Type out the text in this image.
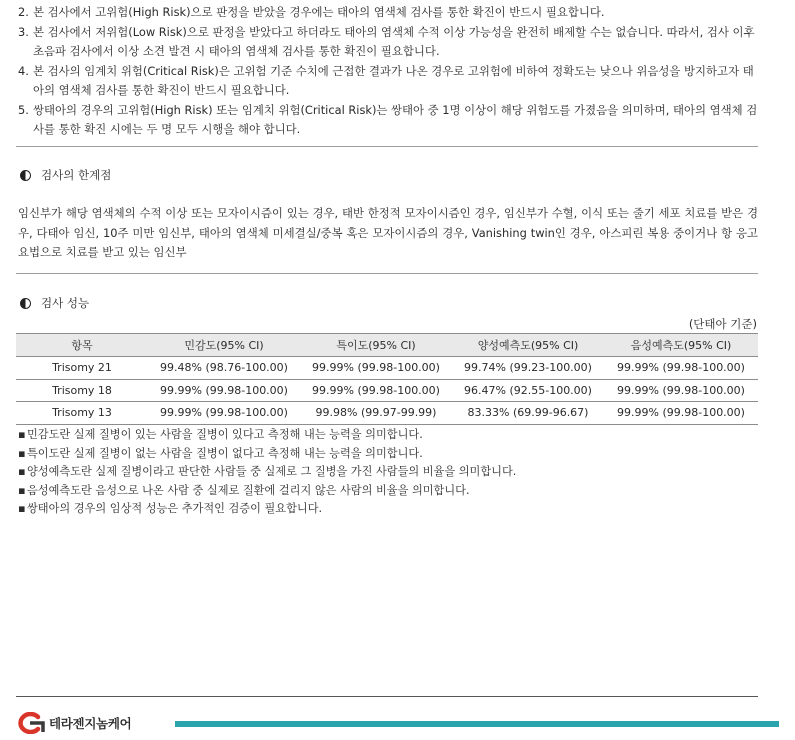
2. 본 검사에서 고위험(High Risk)으로 판정을 받았을 경우에는 태아의 염색체 검사를 통한 확진이 반드시 필요합니다.
3. 본 검사에서 저위험(Low Risk)으로 판정을 받았다고 하더라도 태아의 염색체 수적 이상 가능성을 완전히 배제할 수는 없습니다. 따라서, 검사 이후 초음파 검사에서 이상 소견 발견 시 태아의 염색체 검사를 통한 확진이 필요합니다.
4. 본 검사의 임계치 위험(Critical Risk)은 고위험 기준 수치에 근접한 결과가 나온 경우로 고위험에 비하여 정확도는 낮으나 위음성을 방지하고자 태아의 염색체 검사를 통한 확진이 반드시 필요합니다.
5. 쌍태아의 경우의 고위험(High Risk) 또는 임계치 위험(Critical Risk)는 쌍태아 중 1명 이상이 해당 위험도를 가졌음을 의미하며, 태아의 염색체 검사를 통한 확진 시에는 두 명 모두 시행을 해야 합니다.
검사의 한계점

임신부가 해당 염색체의 수적 이상 또는 모자이시즘이 있는 경우, 태반 한정적 모자이시즘인 경우, 임신부가 수혈, 이식 또는 줄기 세포 치료를 받은 경우, 다태아 임신, 10주 미만 임신부, 태아의 염색체 미세결실/중복 혹은 모자이시즘의 경우, Vanishing twin인 경우, 아스피린 복용 중이거나 항 응고 요법으로 치료를 받고 있는 임신부

검사 성능
(단태아 기준)
항목	민감도(95% CI)	특이도(95% CI)	양성예측도(95% CI)	음성예측도(95% CI)
Trisomy 21	99.48% (98.76-100.00)	99.99% (99.98-100.00)	99.74% (99.23-100.00)	99.99% (99.98-100.00)
Trisomy 18	99.99% (99.98-100.00)	99.99% (99.98-100.00)	96.47% (92.55-100.00)	99.99% (99.98-100.00)
Trisomy 13	99.99% (99.98-100.00)	99.98% (99.97-99.99)	83.33% (69.99-96.67)	99.99% (99.98-100.00)
▪ 민감도란 실제 질병이 있는 사람을 질병이 있다고 측정해 내는 능력을 의미합니다.
▪ 특이도란 실제 질병이 없는 사람을 질병이 없다고 측정해 내는 능력을 의미합니다.
▪ 양성예측도란 실제 질병이라고 판단한 사람들 중 실제로 그 질병을 가진 사람들의 비율을 의미합니다.
▪ 음성예측도란 음성으로 나온 사람 중 실제로 질환에 걸리지 않은 사람의 비율을 의미합니다.
▪ 쌍태아의 경우의 임상적 성능은 추가적인 검증이 필요합니다.
테라젠지놈케어
